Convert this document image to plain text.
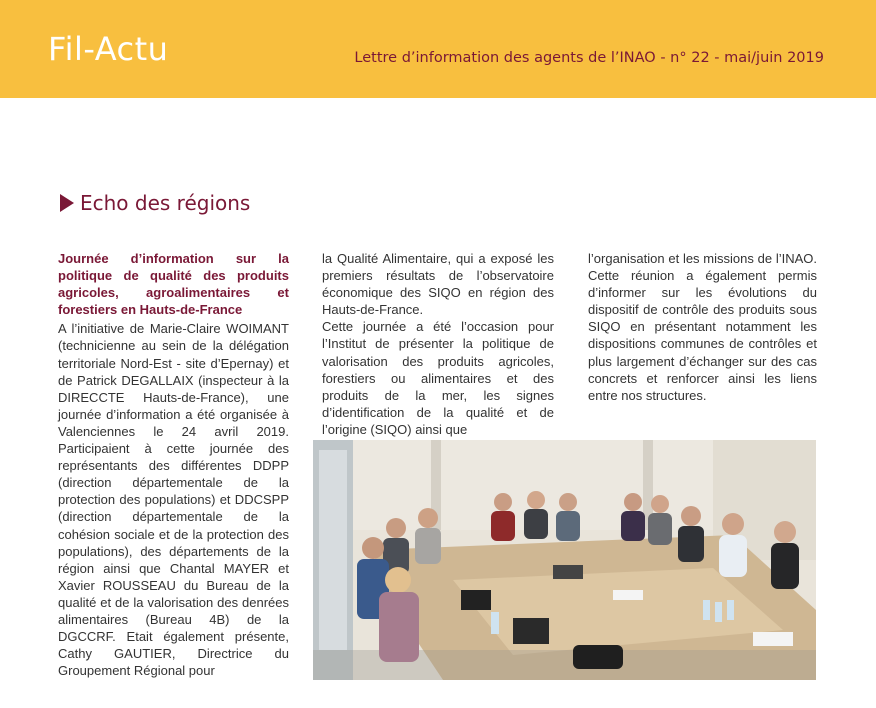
Fil-Actu	Lettre d’information des agents de l’INAO - n° 22 - mai/juin 2019
Echo des régions

Journée d’information sur la politique de qualité des produits agricoles, agroalimentaires et forestiers en Hauts-de-France

A l’initiative de Marie-Claire WOIMANT (technicienne au sein de la délégation territoriale Nord-Est - site d’Epernay) et de Patrick DEGALLAIX (inspecteur à la DIRECCTE Hauts-de-France), une journée d’information a été organisée à Valenciennes le 24 avril 2019. Participaient à cette journée des représentants des différentes DDPP (direction départementale de la protection des populations) et DDCSPP (direction départementale de la cohésion sociale et de la protection des populations), des départements de la région ainsi que Chantal MAYER et Xavier ROUSSEAU du Bureau de la qualité et de la valorisation des denrées alimentaires (Bureau 4B) de la DGCCRF. Etait également présente, Cathy GAUTIER, Directrice du Groupement Régional pour

la Qualité Alimentaire, qui a exposé les premiers résultats de l’observatoire économique des SIQO en région des Hauts-de-France.

Cette journée a été l’occasion pour l’Institut de présenter la politique de valorisation des produits agricoles, forestiers ou alimentaires et des produits de la mer, les signes d’identification de la qualité et de l’origine (SIQO) ainsi que

l’organisation et les missions de l’INAO. Cette réunion a également permis d’informer sur les évolutions du dispositif de contrôle des produits sous SIQO en présentant notamment les dispositions communes de contrôles et plus largement d’échanger sur des cas concrets et renforcer ainsi les liens entre nos structures.
